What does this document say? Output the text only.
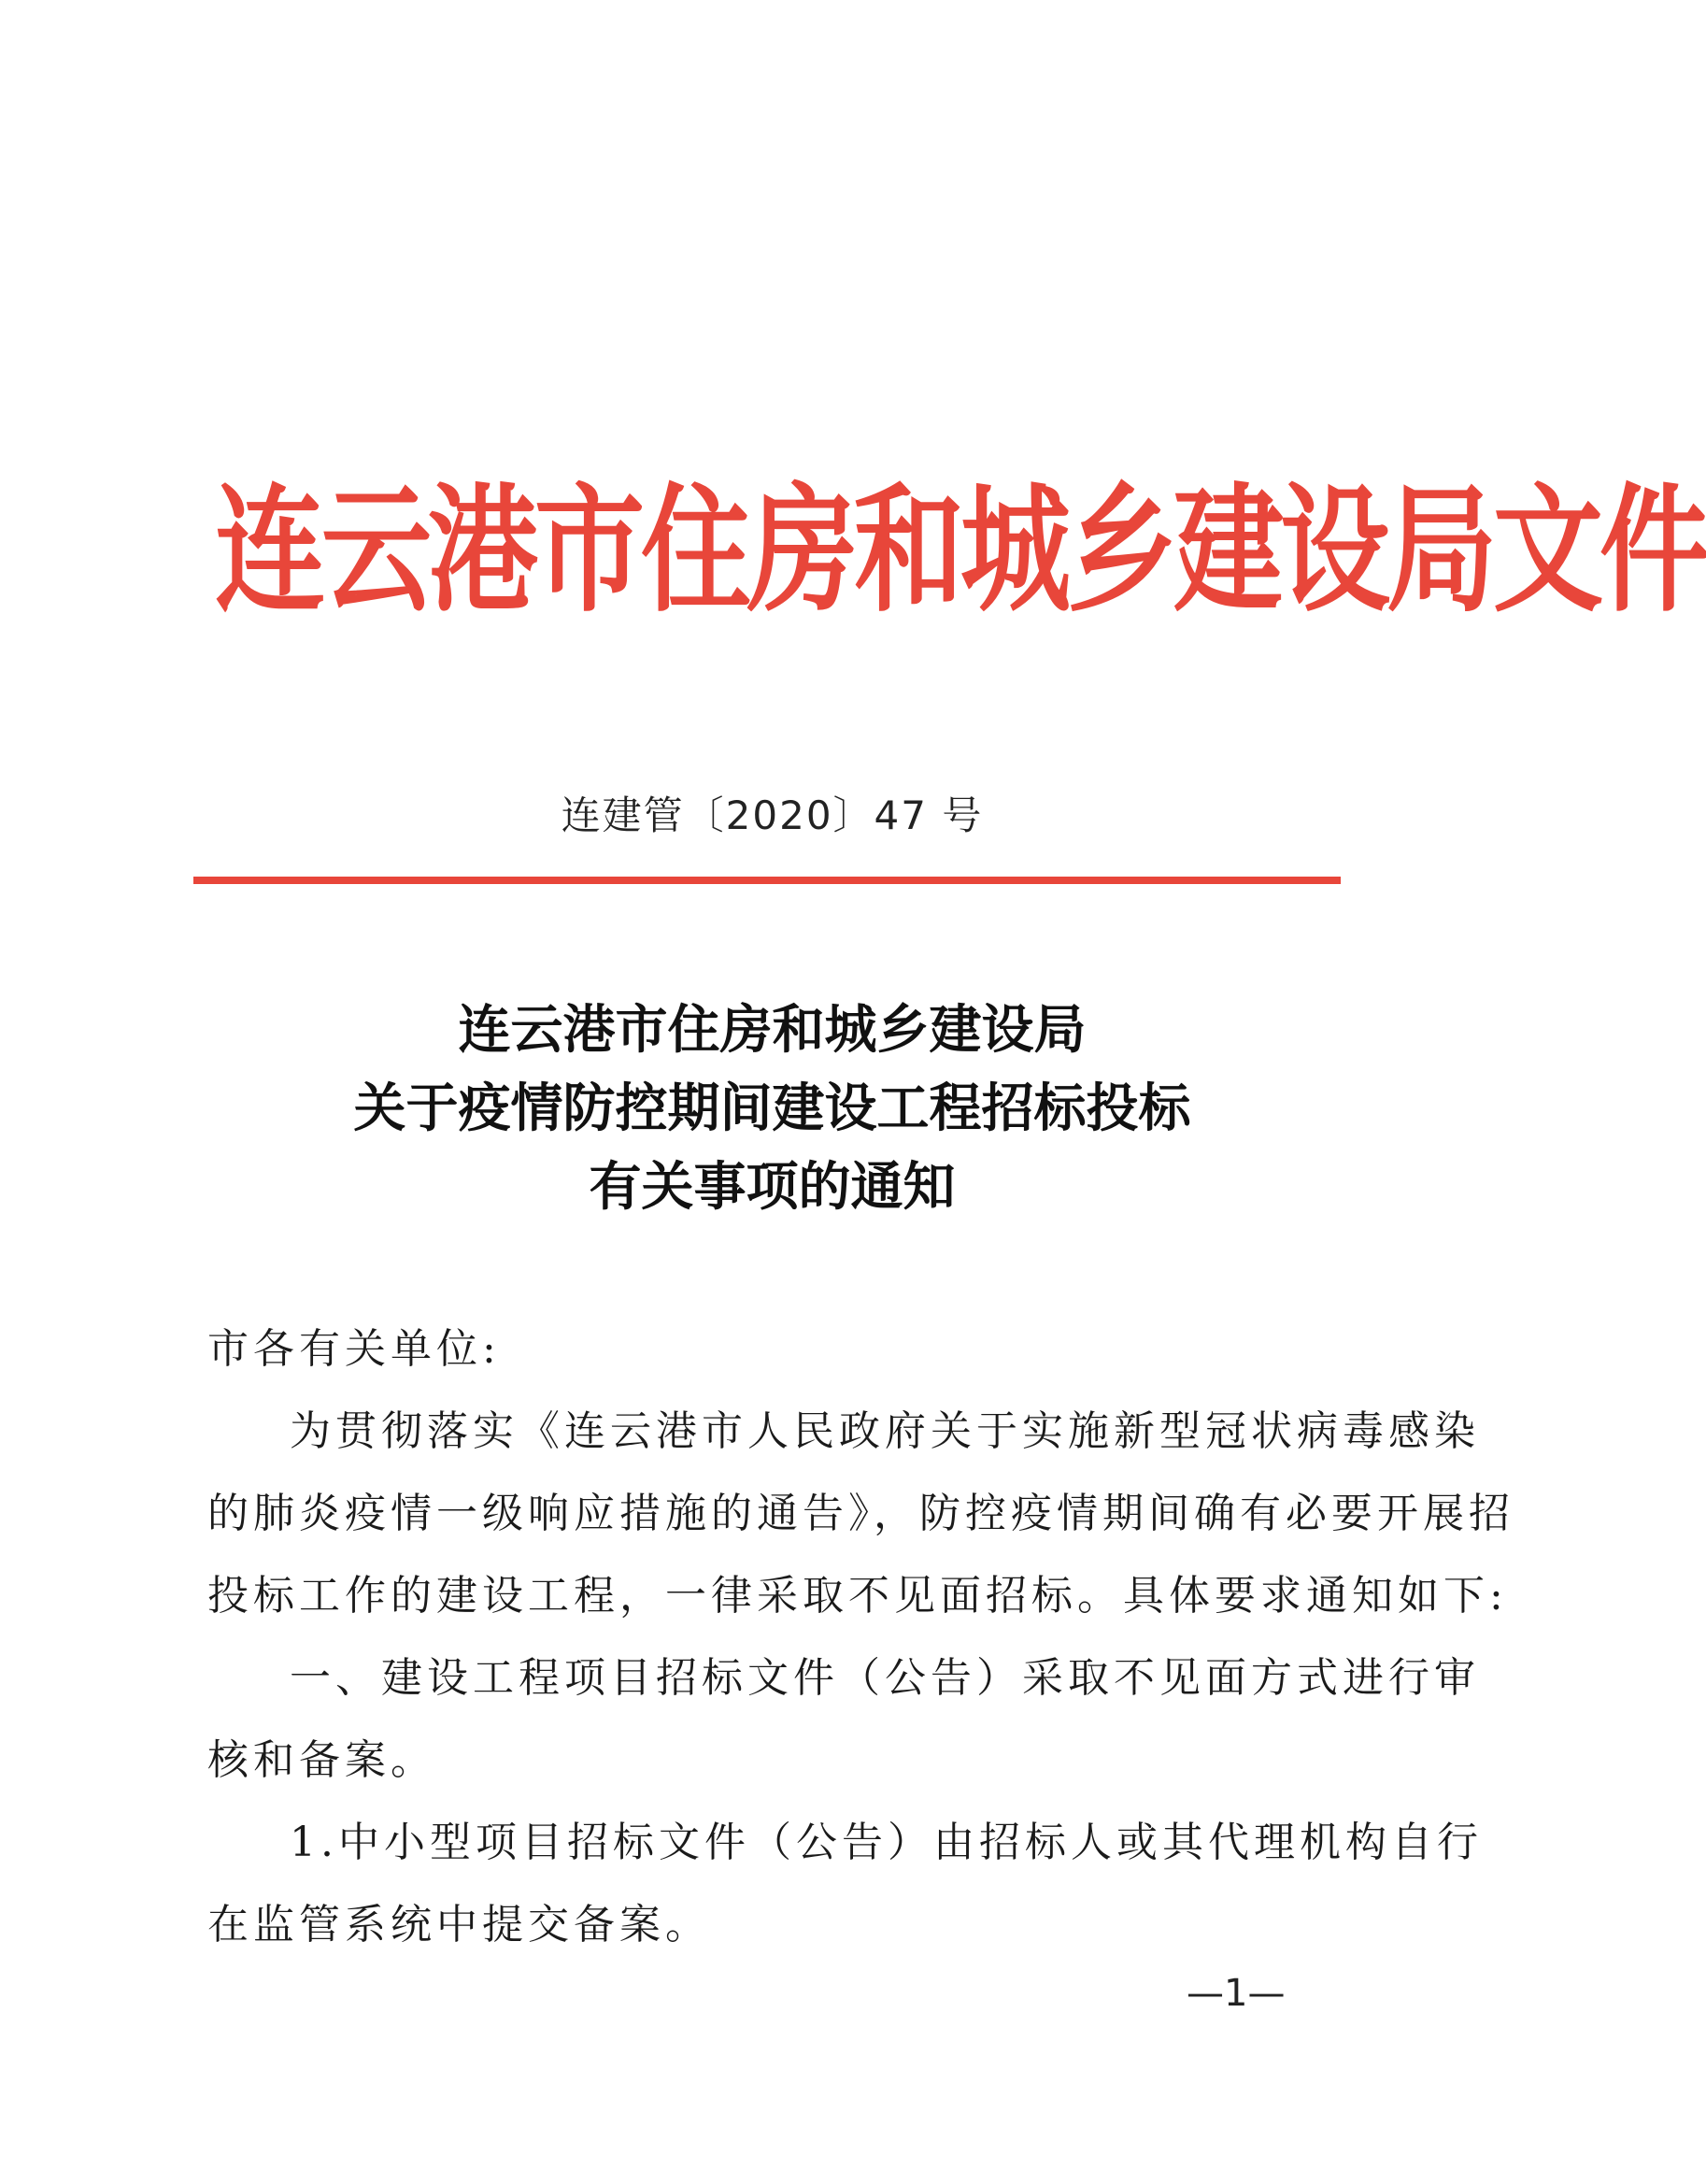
连云港市住房和城乡建设局文件
连建管〔2020〕47 号
连云港市住房和城乡建设局
关于疫情防控期间建设工程招标投标
有关事项的通知
市各有关单位:
为贯彻落实《连云港市人民政府关于实施新型冠状病毒感染
的肺炎疫情一级响应措施的通告》，防控疫情期间确有必要开展招
投标工作的建设工程，一律采取不见面招标。具体要求通知如下:
一、建设工程项目招标文件（公告）采取不见面方式进行审
核和备案。
1.中小型项目招标文件（公告）由招标人或其代理机构自行
在监管系统中提交备案。
—1—
